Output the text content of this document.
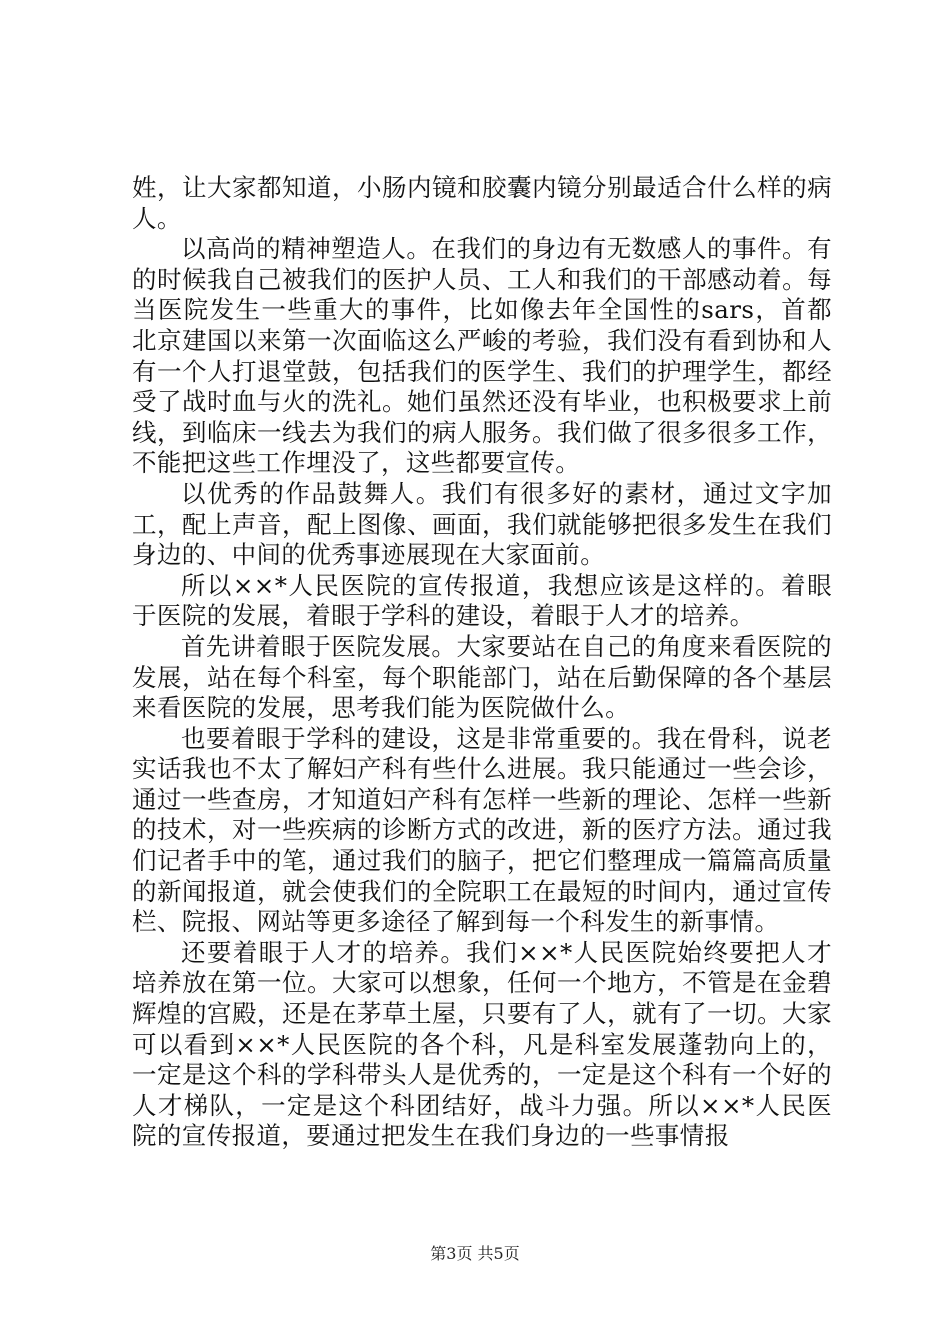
姓，让大家都知道，小肠内镜和胶囊内镜分别最适合什么样的病人。

以高尚的精神塑造人。在我们的身边有无数感人的事件。有的时候我自己被我们的医护人员、工人和我们的干部感动着。每当医院发生一些重大的事件，比如像去年全国性的sars，首都北京建国以来第一次面临这么严峻的考验，我们没有看到协和人有一个人打退堂鼓，包括我们的医学生、我们的护理学生，都经受了战时血与火的洗礼。她们虽然还没有毕业，也积极要求上前线，到临床一线去为我们的病人服务。我们做了很多很多工作，不能把这些工作埋没了，这些都要宣传。

以优秀的作品鼓舞人。我们有很多好的素材，通过文字加工，配上声音，配上图像、画面，我们就能够把很多发生在我们身边的、中间的优秀事迹展现在大家面前。

所以××*人民医院的宣传报道，我想应该是这样的。着眼于医院的发展，着眼于学科的建设，着眼于人才的培养。

首先讲着眼于医院发展。大家要站在自己的角度来看医院的发展，站在每个科室，每个职能部门，站在后勤保障的各个基层来看医院的发展，思考我们能为医院做什么。

也要着眼于学科的建设，这是非常重要的。我在骨科，说老实话我也不太了解妇产科有些什么进展。我只能通过一些会诊，通过一些查房，才知道妇产科有怎样一些新的理论、怎样一些新的技术，对一些疾病的诊断方式的改进，新的医疗方法。通过我们记者手中的笔，通过我们的脑子，把它们整理成一篇篇高质量的新闻报道，就会使我们的全院职工在最短的时间内，通过宣传栏、院报、网站等更多途径了解到每一个科发生的新事情。

还要着眼于人才的培养。我们××*人民医院始终要把人才培养放在第一位。大家可以想象，任何一个地方，不管是在金碧辉煌的宫殿，还是在茅草土屋，只要有了人，就有了一切。大家可以看到××*人民医院的各个科，凡是科室发展蓬勃向上的，一定是这个科的学科带头人是优秀的，一定是这个科有一个好的人才梯队，一定是这个科团结好，战斗力强。所以××*人民医院的宣传报道，要通过把发生在我们身边的一些事情报

第3页 共5页
